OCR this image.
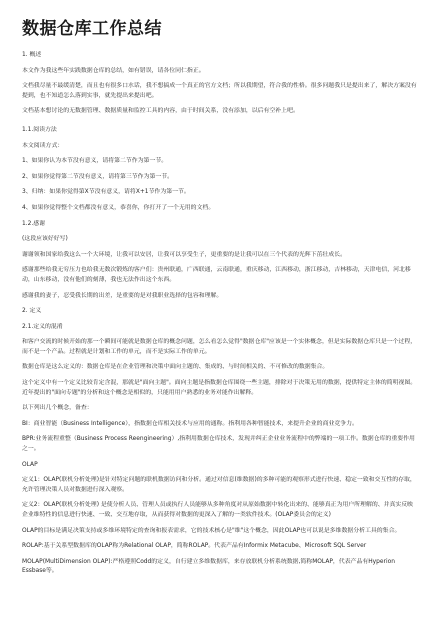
数据仓库工作总结

1. 概述

本文作为我这些年实践数据仓库的总结，如有错误，请各位同仁指正。

文档我尽量不最缓清楚，而且也有很多口水话，我不想搞成一个真正的官方文档；所以我期望，符合我的性格。很多问题我只是提出来了，解决方案没有提到，也不知道怎么落到实事，就先提出来提出吧。

文档基本想讨论的无数据管理、数据质量和监控工具的内容，由于时间关系，没有添加，以后有空补上吧。

1.1.阅读方法

本文阅读方式：

1、如果你认为本节没有意义，请将第二节作为第一节。

2、如果你觉得第二节没有意义，请将第三节作为第一节。

3、归纳：如果你觉得第X节没有意义，请将X+1节作为第一节。

4、如果你觉得整个文档都没有意义，恭喜你，你打开了一个无用的文档。

1.2.感谢

(这段应该好好写)

谢谢领和国家给我这么一个大环境，让我可以安居，让我可以享受生子，更重要的是让我可以在三个代表的光辉下茁壮成长。

感谢那些给我无穷压力也给我无数次锻炼的客户们：贵州联通，广西联通，云南联通，重庆移动，江西移动，浙江移动，吉林移动，天津电信，河北移动，山东移动，没有他们的刻薄，我也无法作出这个东西。

感谢我的妻子，忍受我长期的出差，是重要的是对我职业选择的包容和理解。

2. 定义

2.1.定义的混淆

和客户交流的时候开始的那一个瞬间可能就是数据仓库的概念问题，怎么看怎么觉得"数据仓库"应该是一个实体概念，但是实际数据仓库只是一个过程，而不是一个产品。过程就是计划和工作的单元，而不是实际工作的单元。

数据仓库是这么定义的：数据仓库是在企业管理和决策中面向主题的、集成的、与时间相关的、不可修改的数据集合。

这个定义中有一个定义比较肯定含混，那就是"面向主题"。面向主题是指数据仓库围绕一些主题，排除对于决策无用的数据，提供特定主体的简明视图。近年提出的"面向专题"的分析和这个概念是相似的，只能用用户熟悉的业务对能作出解释。

以下列出几个概念，备查：

BI：商业智能（Business Intelligence），指数据仓库相关技术与应用的通称。指利用各种智能技术，来提升企业的商业竞争力。

BPR:业务流程重整（Business Process Reengineering）,指利用数据仓库技术，发现并纠正企业业务流程中的弊端的一项工作。数据仓库的重要作用之一。

OLAP

定义1：OLAP(联机分析处理)是针对特定问题的联机数据访问和分析。通过对信息(维数据)的多种可能的观察形式进行快速、稳定一致和交互性的存取，允许管理决策人员对数据进行深入观察。

定义2：OLAP(联机分析处理) 是使分析人员、管理人员或执行人员能够从多种角度对从原始数据中转化出来的、能够真正为用户所理解的、并真实反映企业维特性的信息进行快速、一致、交互地存取，从而获得对数据的更深入了解的一类软件技术。(OLAP委员会的定义)

OLAP的目标是满足决策支持或多维环境特定的查询和报表需求，它的技术核心是"维"这个概念，因此OLAP也可以说是多维数据分析工具的集合。

ROLAP:基于关系型数据库的OLAP称为Relational OLAP，简称ROLAP。代表产品有Informix Metacube、Microsoft SQL Server

MOLAP(MultiDimension OLAP):严格遵照Codd的定义，自行建立多维数据库，来存放联机分析系统数据,简称MOLAP，代表产品有Hyperion Essbase等。
